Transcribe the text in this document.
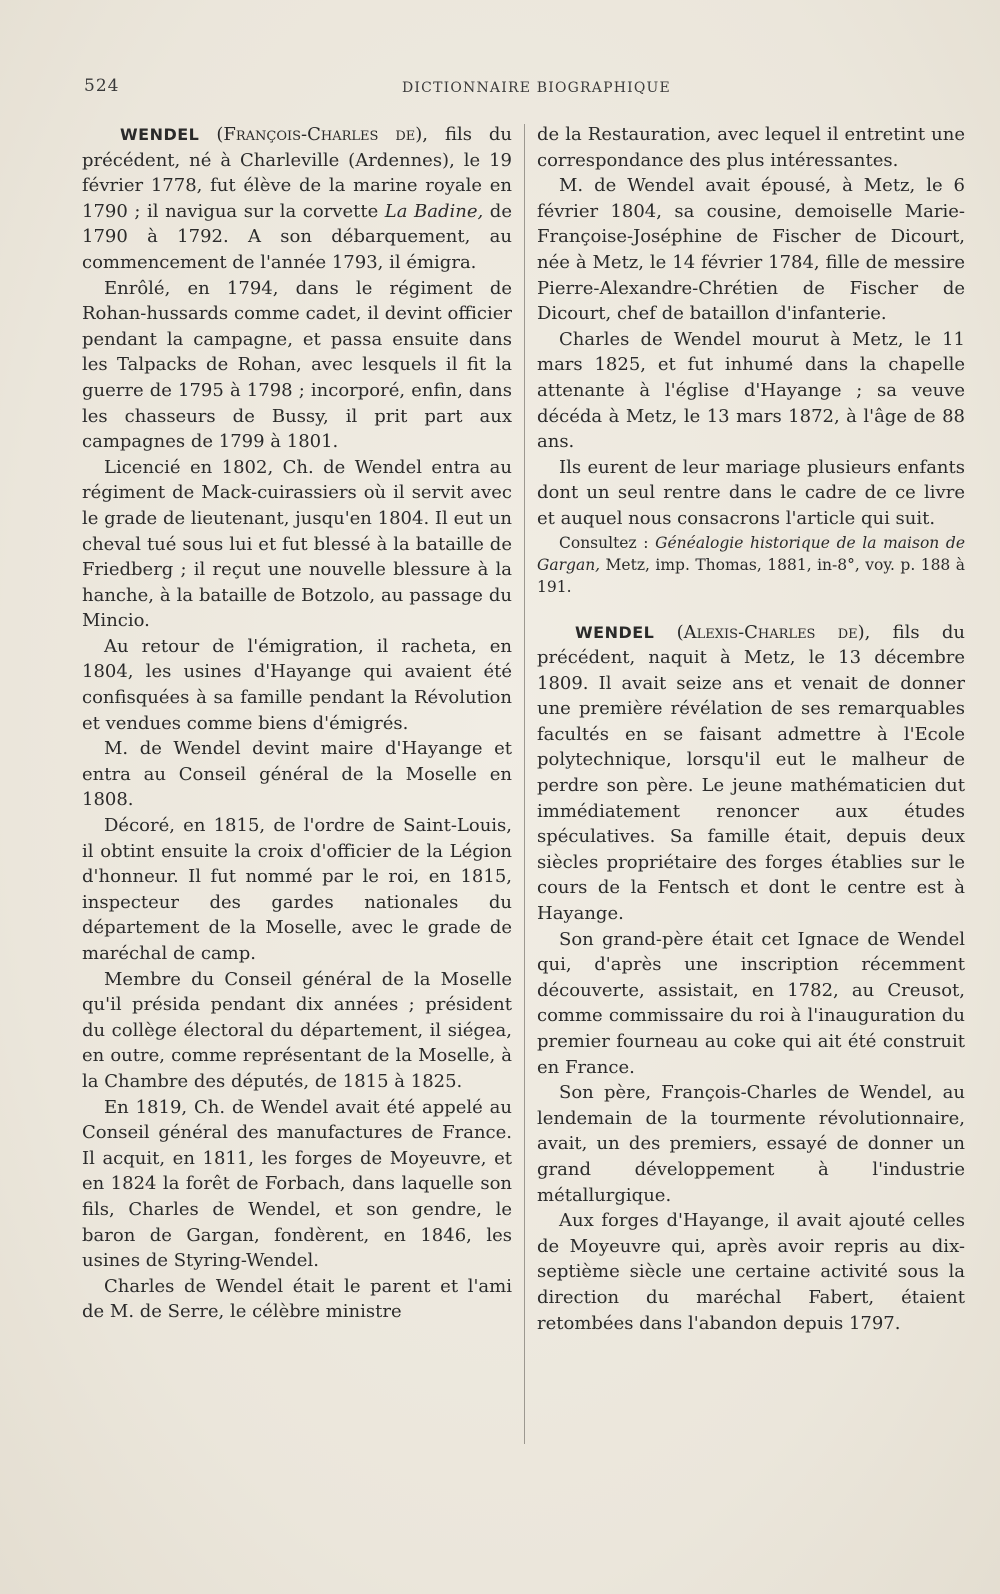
524	DICTIONNAIRE BIOGRAPHIQUE

WENDEL (François-Charles de), fils du précédent, né à Charleville (Ardennes), le 19 février 1778, fut élève de la marine royale en 1790 ; il navigua sur la corvette La Badine, de 1790 à 1792. A son débarquement, au commencement de l'année 1793, il émigra.

Enrôlé, en 1794, dans le régiment de Rohan-hussards comme cadet, il devint officier pendant la campagne, et passa ensuite dans les Talpacks de Rohan, avec lesquels il fit la guerre de 1795 à 1798 ; incorporé, enfin, dans les chasseurs de Bussy, il prit part aux campagnes de 1799 à 1801.

Licencié en 1802, Ch. de Wendel entra au régiment de Mack-cuirassiers où il servit avec le grade de lieutenant, jusqu'en 1804. Il eut un cheval tué sous lui et fut blessé à la bataille de Friedberg ; il reçut une nouvelle blessure à la hanche, à la bataille de Botzolo, au passage du Mincio.

Au retour de l'émigration, il racheta, en 1804, les usines d'Hayange qui avaient été confisquées à sa famille pendant la Révolution et vendues comme biens d'émigrés.

M. de Wendel devint maire d'Hayange et entra au Conseil général de la Moselle en 1808.

Décoré, en 1815, de l'ordre de Saint-Louis, il obtint ensuite la croix d'officier de la Légion d'honneur. Il fut nommé par le roi, en 1815, inspecteur des gardes nationales du département de la Moselle, avec le grade de maréchal de camp.

Membre du Conseil général de la Moselle qu'il présida pendant dix années ; président du collège électoral du département, il siégea, en outre, comme représentant de la Moselle, à la Chambre des députés, de 1815 à 1825.

En 1819, Ch. de Wendel avait été appelé au Conseil général des manufactures de France. Il acquit, en 1811, les forges de Moyeuvre, et en 1824 la forêt de Forbach, dans laquelle son fils, Charles de Wendel, et son gendre, le baron de Gargan, fondèrent, en 1846, les usines de Styring-Wendel.

Charles de Wendel était le parent et l'ami de M. de Serre, le célèbre ministre

de la Restauration, avec lequel il entretint une correspondance des plus intéressantes.

M. de Wendel avait épousé, à Metz, le 6 février 1804, sa cousine, demoiselle Marie-Françoise-Joséphine de Fischer de Dicourt, née à Metz, le 14 février 1784, fille de messire Pierre-Alexandre-Chrétien de Fischer de Dicourt, chef de bataillon d'infanterie.

Charles de Wendel mourut à Metz, le 11 mars 1825, et fut inhumé dans la chapelle attenante à l'église d'Hayange ; sa veuve décéda à Metz, le 13 mars 1872, à l'âge de 88 ans.

Ils eurent de leur mariage plusieurs enfants dont un seul rentre dans le cadre de ce livre et auquel nous consacrons l'article qui suit.

Consultez : Généalogie historique de la maison de Gargan, Metz, imp. Thomas, 1881, in-8°, voy. p. 188 à 191.

WENDEL (Alexis-Charles de), fils du précédent, naquit à Metz, le 13 décembre 1809. Il avait seize ans et venait de donner une première révélation de ses remarquables facultés en se faisant admettre à l'Ecole polytechnique, lorsqu'il eut le malheur de perdre son père. Le jeune mathématicien dut immédiatement renoncer aux études spéculatives. Sa famille était, depuis deux siècles propriétaire des forges établies sur le cours de la Fentsch et dont le centre est à Hayange.

Son grand-père était cet Ignace de Wendel qui, d'après une inscription récemment découverte, assistait, en 1782, au Creusot, comme commissaire du roi à l'inauguration du premier fourneau au coke qui ait été construit en France.

Son père, François-Charles de Wendel, au lendemain de la tourmente révolutionnaire, avait, un des premiers, essayé de donner un grand développement à l'industrie métallurgique.

Aux forges d'Hayange, il avait ajouté celles de Moyeuvre qui, après avoir repris au dix-septième siècle une certaine activité sous la direction du maréchal Fabert, étaient retombées dans l'abandon depuis 1797.
